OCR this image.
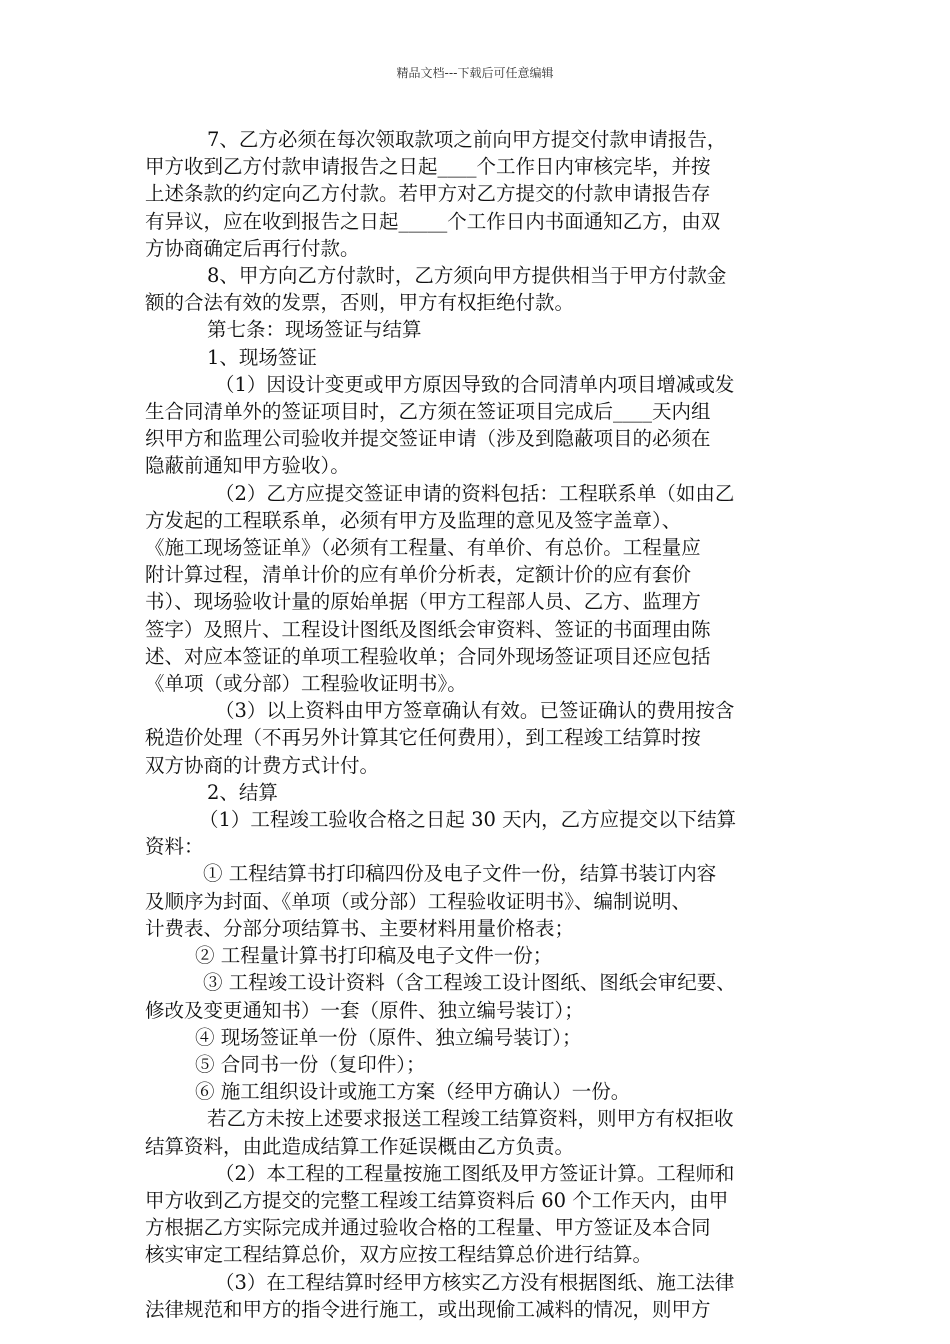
精品文档---下载后可任意编辑

7、乙方必须在每次领取款项之前向甲方提交付款申请报告，

甲方收到乙方付款申请报告之日起____个工作日内审核完毕，并按

上述条款的约定向乙方付款。若甲方对乙方提交的付款申请报告存

有异议，应在收到报告之日起_____个工作日内书面通知乙方，由双

方协商确定后再行付款。

8、甲方向乙方付款时，乙方须向甲方提供相当于甲方付款金

额的合法有效的发票，否则，甲方有权拒绝付款。

第七条：现场签证与结算

1、现场签证

（1）因设计变更或甲方原因导致的合同清单内项目增减或发

生合同清单外的签证项目时，乙方须在签证项目完成后____天内组

织甲方和监理公司验收并提交签证申请（涉及到隐蔽项目的必须在

隐蔽前通知甲方验收）。

（2）乙方应提交签证申请的资料包括：工程联系单（如由乙

方发起的工程联系单，必须有甲方及监理的意见及签字盖章）、

《施工现场签证单》（必须有工程量、有单价、有总价。工程量应

附计算过程，清单计价的应有单价分析表，定额计价的应有套价

书）、现场验收计量的原始单据（甲方工程部人员、乙方、监理方

签字）及照片、工程设计图纸及图纸会审资料、签证的书面理由陈

述、对应本签证的单项工程验收单；合同外现场签证项目还应包括

《单项（或分部）工程验收证明书》。

（3）以上资料由甲方签章确认有效。已签证确认的费用按含

税造价处理（不再另外计算其它任何费用），到工程竣工结算时按

双方协商的计费方式计付。

2、结算

（1）工程竣工验收合格之日起 30 天内，乙方应提交以下结算

资料：

① 工程结算书打印稿四份及电子文件一份，结算书装订内容

及顺序为封面、《单项（或分部）工程验收证明书》、编制说明、

计费表、分部分项结算书、主要材料用量价格表；

② 工程量计算书打印稿及电子文件一份；

③ 工程竣工设计资料（含工程竣工设计图纸、图纸会审纪要、

修改及变更通知书）一套（原件、独立编号装订）；

④ 现场签证单一份（原件、独立编号装订）；

⑤ 合同书一份（复印件）；

⑥ 施工组织设计或施工方案（经甲方确认）一份。

若乙方未按上述要求报送工程竣工结算资料，则甲方有权拒收

结算资料，由此造成结算工作延误概由乙方负责。

（2）本工程的工程量按施工图纸及甲方签证计算。工程师和

甲方收到乙方提交的完整工程竣工结算资料后 60 个工作天内，由甲

方根据乙方实际完成并通过验收合格的工程量、甲方签证及本合同

核实审定工程结算总价，双方应按工程结算总价进行结算。

（3）在工程结算时经甲方核实乙方没有根据图纸、施工法律

法律规范和甲方的指令进行施工，或出现偷工减料的情况，则甲方
